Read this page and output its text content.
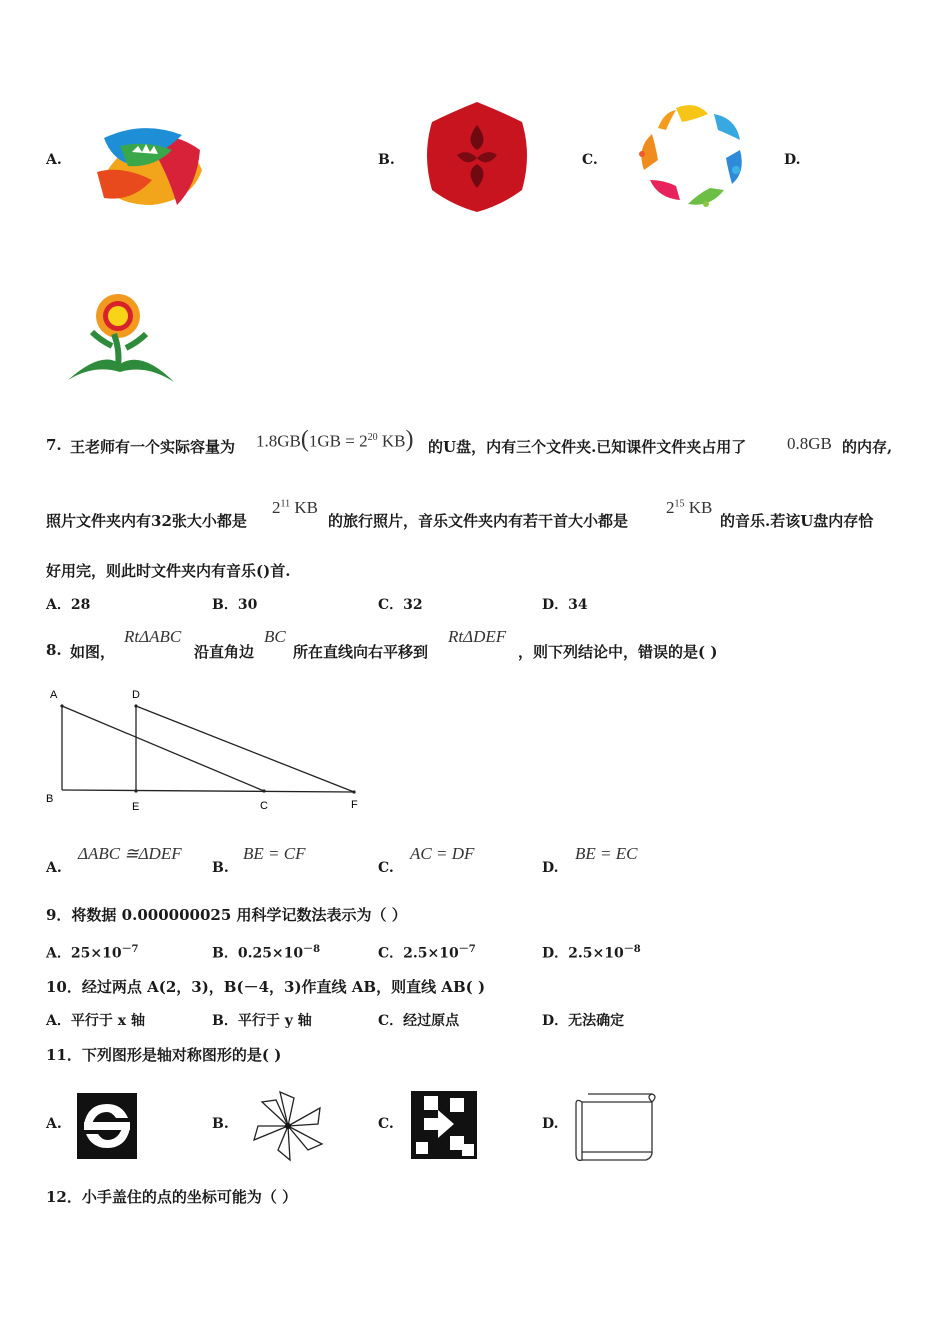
A.	B.	C.	D.
7. 王老师有一个实际容量为 $1.8GB(1GB = 2^{20}$ KB) 的U盘，内有三个文件夹.已知课件文件夹占用了 0.8GB 的内存,
照片文件夹内有32张大小都是
$2^{11}$ KB
的旅行照片，音乐文件夹内有若干首大小都是
$2^{15}$ KB
的音乐.若该U盘内存恰
好用完，则此时文件夹内有音乐()首.
A．28	B．30	C．32	D．34
8. 如图，
RtΔABC
沿直角边
BC
所在直线向右平移到
RtΔDEF
，则下列结论中，错误的是( )
A	D
B
E	C	F
A.
ΔABC ≅ΔDEF
B.
BE = CF
C.
AC = DF
D.
BE = EC
9．将数据 0.000000025 用科学记数法表示为（ ）
A．$25\times 10^{-7}$	B．$0.25\times 10^{-8}$	C．$2.5\times 10^{-7}$	D．$2.5\times 10^{-8}$
10．经过两点 A(2，3)，B(－4，3)作直线 AB，则直线 AB( )
A．平行于 x 轴	B．平行于 y 轴	C．经过原点	D．无法确定
11．下列图形是轴对称图形的是( )
A.	B.	C.	D.
12．小手盖住的点的坐标可能为（ ）
